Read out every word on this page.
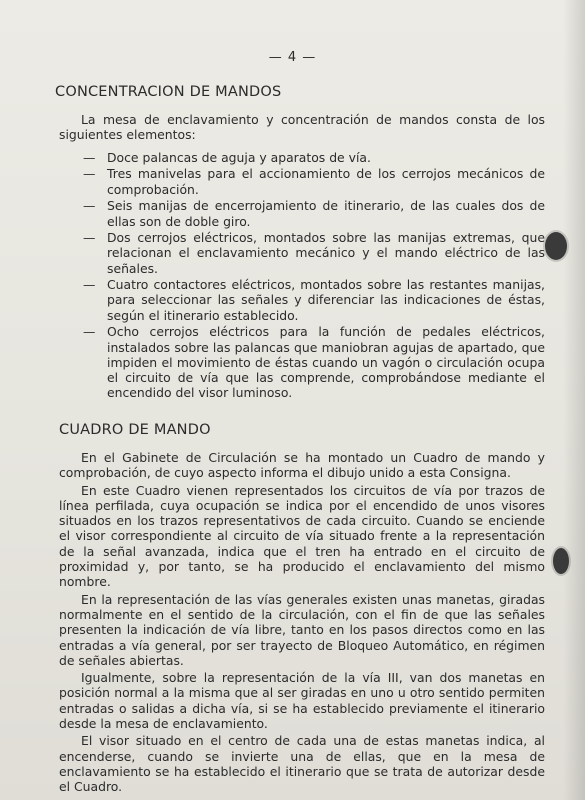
— 4 —
CONCENTRACION DE MANDOS

La mesa de enclavamiento y concentración de mandos consta de los siguientes elementos:

— Doce palancas de aguja y aparatos de vía.
— Tres manivelas para el accionamiento de los cerrojos mecánicos de comprobación.
— Seis manijas de encerrojamiento de itinerario, de las cuales dos de ellas son de doble giro.
— Dos cerrojos eléctricos, montados sobre las manijas extremas, que relacionan el enclavamiento mecánico y el mando eléctrico de las señales.
— Cuatro contactores eléctricos, montados sobre las restantes manijas, para seleccionar las señales y diferenciar las indicaciones de éstas, según el itinerario establecido.
— Ocho cerrojos eléctricos para la función de pedales eléctricos, instalados sobre las palancas que maniobran agujas de apartado, que impiden el movimiento de éstas cuando un vagón o circulación ocupa el circuito de vía que las comprende, comprobándose mediante el encendido del visor luminoso.
CUADRO DE MANDO

En el Gabinete de Circulación se ha montado un Cuadro de mando y comprobación, de cuyo aspecto informa el dibujo unido a esta Consigna.

En este Cuadro vienen representados los circuitos de vía por trazos de línea perfilada, cuya ocupación se indica por el encendido de unos visores situados en los trazos representativos de cada circuito. Cuando se enciende el visor correspondiente al circuito de vía situado frente a la representación de la señal avanzada, indica que el tren ha entrado en el circuito de proximidad y, por tanto, se ha producido el enclavamiento del mismo nombre.

En la representación de las vías generales existen unas manetas, giradas normalmente en el sentido de la circulación, con el fin de que las señales presenten la indicación de vía libre, tanto en los pasos directos como en las entradas a vía general, por ser trayecto de Bloqueo Automático, en régimen de señales abiertas.

Igualmente, sobre la representación de la vía III, van dos manetas en posición normal a la misma que al ser giradas en uno u otro sentido permiten entradas o salidas a dicha vía, si se ha establecido previamente el itinerario desde la mesa de enclavamiento.

El visor situado en el centro de cada una de estas manetas indica, al encenderse, cuando se invierte una de ellas, que en la mesa de enclavamiento se ha establecido el itinerario que se trata de autorizar desde el Cuadro.
